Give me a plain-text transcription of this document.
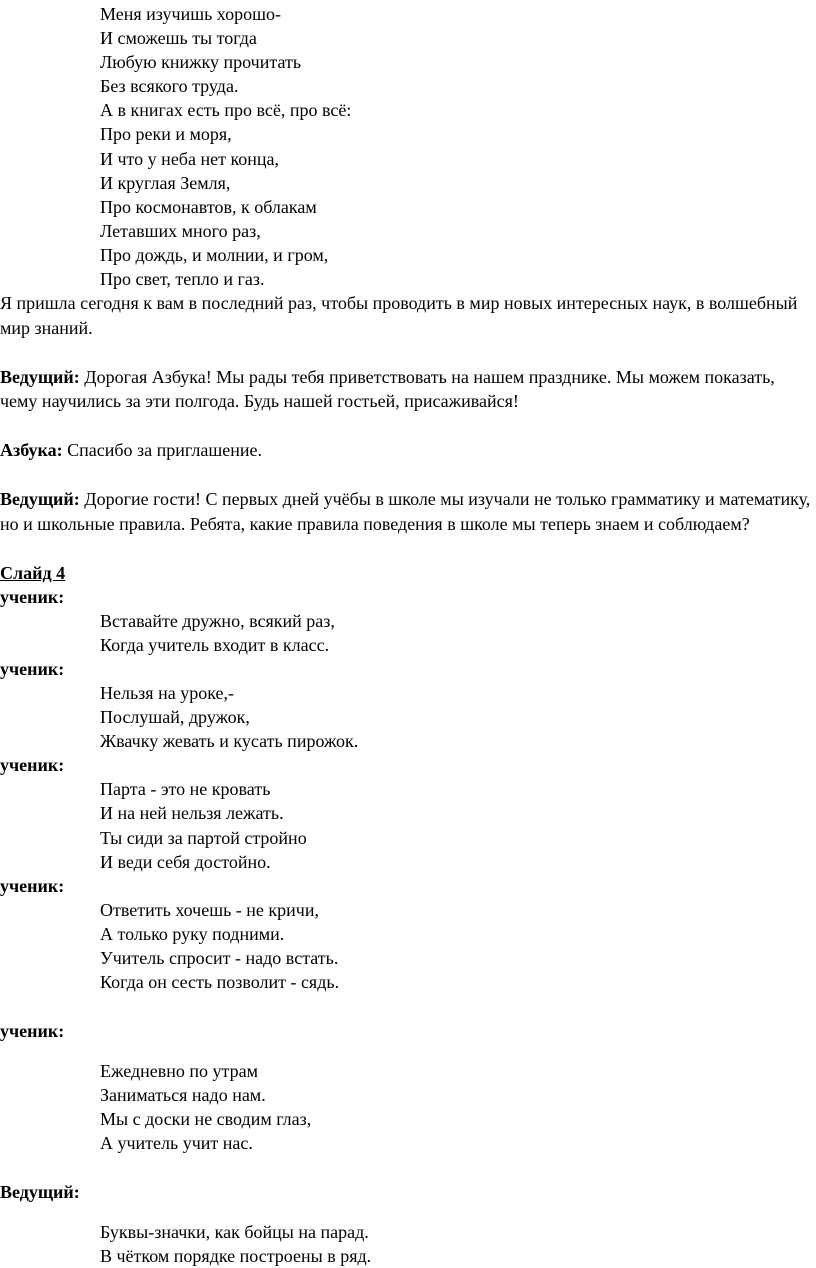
Меня изучишь хорошо-
И сможешь ты тогда
Любую книжку прочитать
Без всякого труда.
А в книгах есть про всё, про всё:
Про реки и моря,
И что у неба нет конца,
И круглая Земля,
Про космонавтов, к облакам
Летавших много раз,
Про дождь, и молнии, и гром,
Про свет, тепло и газ.
Я пришла сегодня к вам в последний раз, чтобы проводить в мир новых интересных наук, в волшебный мир знаний.
Ведущий: Дорогая Азбука! Мы рады тебя приветствовать на нашем празднике. Мы можем показать, чему научились за эти полгода. Будь нашей гостьей, присаживайся!
Азбука: Спасибо за приглашение.
Ведущий: Дорогие гости! С первых дней учёбы в школе мы изучали не только грамматику и математику, но и школьные правила. Ребята, какие правила поведения в школе мы теперь знаем и соблюдаем?
Слайд 4
ученик:
Вставайте дружно, всякий раз,
Когда учитель входит в класс.
ученик:
Нельзя на уроке,-
Послушай, дружок,
Жвачку жевать и кусать пирожок.
ученик:
Парта - это не кровать
И на ней нельзя лежать.
Ты сиди за партой стройно
И веди себя достойно.
ученик:
Ответить хочешь - не кричи,
А только руку подними.
Учитель спросит - надо встать.
Когда он сесть позволит - сядь.
ученик:
Ежедневно по утрам
Заниматься надо нам.
Мы с доски не сводим глаз,
А учитель учит нас.
Ведущий:
Буквы-значки, как бойцы на парад.
В чётком порядке построены в ряд.
